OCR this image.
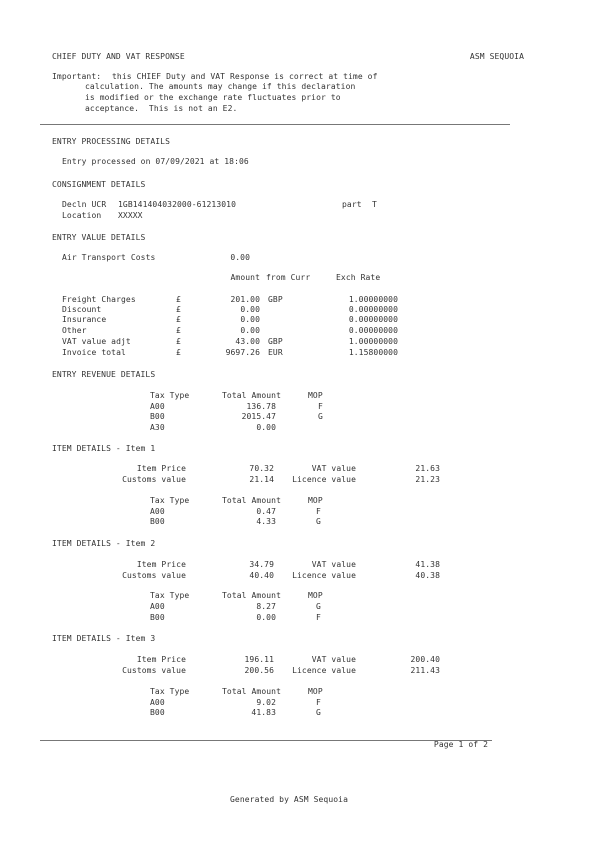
CHIEF DUTY AND VAT RESPONSE	ASM SEQUOIA
Important: this CHIEF Duty and VAT Response is correct at time of
calculation. The amounts may change if this declaration
is modified or the exchange rate fluctuates prior to
acceptance.  This is not an E2.
ENTRY PROCESSING DETAILS
Entry processed on 07/09/2021 at 18:06
CONSIGNMENT DETAILS
Decln UCR 1GB141404032000-61213010	part T
Location XXXXX
ENTRY VALUE DETAILS
Air Transport Costs	0.00
Amount from Curr	Exch Rate
Freight Charges	£	201.00 GBP	1.00000000
Discount	£	0.00	0.00000000
Insurance	£	0.00	0.00000000
Other	£	0.00	0.00000000
VAT value adjt	£	43.00 GBP	1.00000000
Invoice total	£	9697.26 EUR	1.15800000
ENTRY REVENUE DETAILS
Tax Type	Total Amount	MOP
A00	136.78	F
B00	2015.47	G
A30	0.00
ITEM DETAILS - Item 1
Item Price	70.32	VAT value	21.63
Customs value	21.14	Licence value	21.23
Tax Type	Total Amount	MOP
A00	0.47	F
B00	4.33	G
ITEM DETAILS - Item 2
Item Price	34.79	VAT value	41.38
Customs value	40.40	Licence value	40.38
Tax Type	Total Amount	MOP
A00	8.27	G
B00	0.00	F
ITEM DETAILS - Item 3
Item Price	196.11	VAT value	200.40
Customs value	200.56	Licence value	211.43
Tax Type	Total Amount	MOP
A00	9.02	F
B00	41.83	G
Page 1 of 2
Generated by ASM Sequoia
